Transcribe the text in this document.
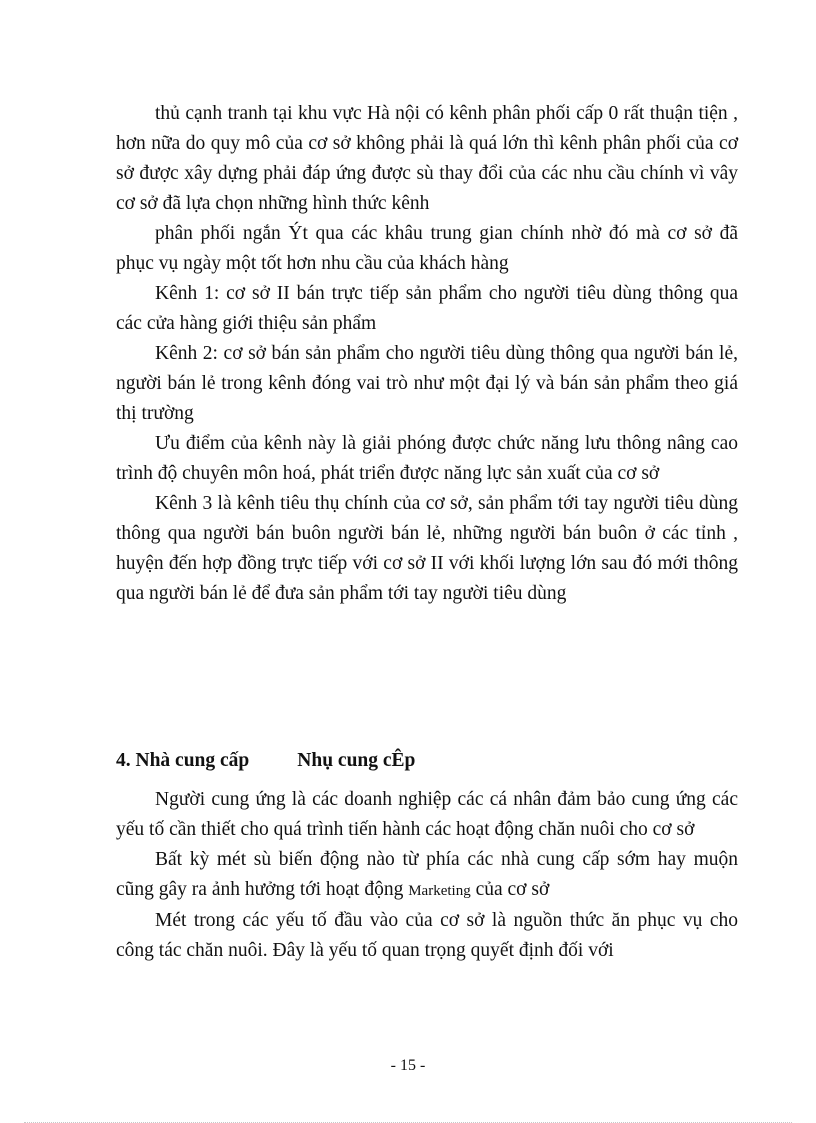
thủ cạnh tranh tại khu vực Hà nội có kênh phân phối cấp 0 rất thuận tiện , hơn nữa do quy mô của cơ sở không phải là quá lớn thì kênh phân phối của cơ sở được xây dựng phải đáp ứng được sù thay đổi của các nhu cầu chính vì vây cơ sở đã lựa chọn những hình thức kênh

phân phối ngắn Ýt qua các khâu trung gian chính nhờ đó mà cơ sở đã phục vụ ngày một tốt hơn nhu cầu của khách hàng

Kênh 1: cơ sở II bán trực tiếp sản phẩm cho người tiêu dùng thông qua các cửa hàng giới thiệu sản phẩm

Kênh 2: cơ sở bán sản phẩm cho người tiêu dùng thông qua người bán lẻ, người bán lẻ trong kênh đóng vai trò như một đại lý và bán sản phẩm theo giá thị trường

Ưu điểm của kênh này là giải phóng được chức năng lưu thông nâng cao trình độ chuyên môn hoá, phát triển được năng lực sản xuất của cơ sở

Kênh 3 là kênh tiêu thụ chính của cơ sở, sản phẩm tới tay người tiêu dùng thông qua người bán buôn người bán lẻ, những người bán buôn ở các tỉnh , huyện đến hợp đồng trực tiếp với cơ sở II với khối lượng lớn sau đó mới thông qua người bán lẻ để đưa sản phẩm tới tay người tiêu dùng

4. Nhà cung cấp Nhụ cung cÊp

Người cung ứng là các doanh nghiệp các cá nhân đảm bảo cung ứng các yếu tố cần thiết cho quá trình tiến hành các hoạt động chăn nuôi cho cơ sở

Bất kỳ mét sù biến động nào từ phía các nhà cung cấp sớm hay muộn cũng gây ra ảnh hưởng tới hoạt động Marketing của cơ sở

Mét trong các yếu tố đầu vào của cơ sở là nguồn thức ăn phục vụ cho công tác chăn nuôi. Đây là yếu tố quan trọng quyết định đối với

- 15 -
